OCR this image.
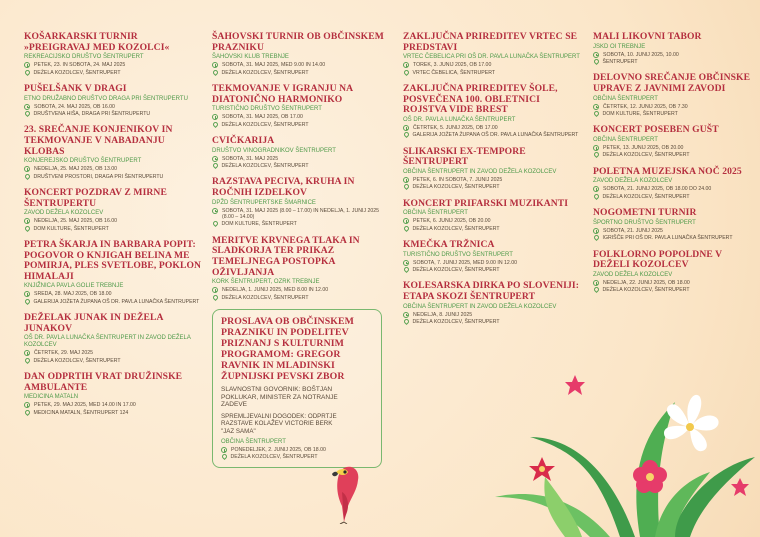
KOŠARKARSKI TURNIR »PREIGRAVAJ MED KOZOLCI«
REKREACIJSKO DRUŠTVO ŠENTRUPERT
PETEK, 23. IN SOBOTA, 24. MAJ 2025
DEŽELA KOZOLCEV, ŠENTRUPERT
PUŠELŠANK V DRAGI
ETNO DRUŽABNO DRUŠTVO DRAGA PRI ŠENTRUPERTU
SOBOTA, 24. MAJ 2025, OB 16.00
DRUŠTVENA HIŠA, DRAGA PRI ŠENTRUPERTU
23. SREČANJE KONJENIKOV IN TEKMOVANJE V NABADANJU KLOBAS
KONJEREJSKO DRUŠTVO ŠENTRUPERT
NEDELJA, 25. MAJ 2025, OB 13.00
DRUŠTVENI PROSTORI, DRAGA PRI ŠENTRUPERTU
KONCERT POZDRAV Z MIRNE ŠENTRUPERTU
ZAVOD DEŽELA KOZOLCEV
NEDELJA, 25. MAJ 2025, OB 16.00
DOM KULTURE, ŠENTRUPERT
PETRA ŠKARJA IN BARBARA POPIT: POGOVOR O KNJIGAH BELINA ME POMIRJA, PLES SVETLOBE, POKLON HIMALAJI
KNJIŽNICA PAVLA GOLIE TREBNJE
SREDA, 28. MAJ 2025, OB 18.00
GALERIJA JOŽETA ŽUPANA OŠ DR. PAVLA LUNAČKA ŠENTRUPERT
DEŽELAK JUNAK IN DEŽELA JUNAKOV
OŠ DR. PAVLA LUNAČKA ŠENTRUPERT IN ZAVOD DEŽELA KOZOLCEV
ČETRTEK, 29. MAJ 2025
DEŽELA KOZOLCEV, ŠENTRUPERT
DAN ODPRTIH VRAT DRUŽINSKE AMBULANTE
MEDICINA MATALN
PETEK, 29. MAJ 2025, MED 14.00 IN 17.00
MEDICINA MATALN, ŠENTRUPERT 124
ŠAHOVSKI TURNIR OB OBČINSKEM PRAZNIKU
ŠAHOVSKI KLUB TREBNJE
SOBOTA, 31. MAJ 2025, MED 9.00 IN 14.00
DEŽELA KOZOLCEV, ŠENTRUPERT
TEKMOVANJE V IGRANJU NA DIATONIČNO HARMONIKO
TURISTIČNO DRUŠTVO ŠENTRUPERT
SOBOTA, 31. MAJ 2025, OB 17.00
DEŽELA KOZOLCEV, ŠENTRUPERT
CVIČKARIJA
DRUŠTVO VINOGRADNIKOV ŠENTRUPERT
SOBOTA, 31. MAJ 2025
DEŽELA KOZOLCEV, ŠENTRUPERT
RAZSTAVA PECIVA, KRUHA IN ROČNIH IZDELKOV
DPŽD ŠENTRUPERTSKE ŠMARNICE
SOBOTA, 31. MAJ 2025 (8.00 – 17.00) IN NEDELJA, 1. JUNIJ 2025 (8.00 – 14.00)
DOM KULTURE, ŠENTRUPERT
MERITVE KRVNEGA TLAKA IN SLADKORJA TER PRIKAZ TEMELJNEGA POSTOPKA OŽIVLJANJA
KORK ŠENTRUPERT, OZRK TREBNJE
NEDELJA, 1. JUNIJ 2025, MED 8.00 IN 12.00
DEŽELA KOZOLCEV, ŠENTRUPERT
PROSLAVA OB OBČINSKEM PRAZNIKU IN PODELITEV PRIZNANJ S KULTURNIM PROGRAMOM: GREGOR RAVNIK IN MLADINSKI ŽUPNIJSKI PEVSKI ZBOR
SLAVNOSTNI GOVORNIK: BOŠTJAN POKLUKAR, MINISTER ZA NOTRANJE ZADEVE
SPREMLJEVALNI DOGODEK: ODPRTJE RAZSTAVE KOLAŽEV VICTORIE BERK "JAZ SAMA"
OBČINA ŠENTRUPERT
PONEDELJEK, 2. JUNIJ 2025, OB 18.00
DEŽELA KOZOLCEV, ŠENTRUPERT
ZAKLJUČNA PRIREDITEV VRTEC SE PREDSTAVI
VRTEC ČEBELICA PRI OŠ DR. PAVLA LUNAČKA ŠENTRUPERT
TOREK, 3. JUNIJ 2025, OB 17.00
VRTEC ČEBELICA, ŠENTRUPERT
ZAKLJUČNA PRIREDITEV ŠOLE, POSVEČENA 100. OBLETNICI ROJSTVA VIDE BREST
OŠ DR. PAVLA LUNAČKA ŠENTRUPERT
ČETRTEK, 5. JUNIJ 2025, OB 17.00
GALERIJA JOŽETA ŽUPANA OŠ DR. PAVLA LUNAČKA ŠENTRUPERT
SLIKARSKI EX-TEMPORE ŠENTRUPERT
OBČINA ŠENTRUPERT IN ZAVOD DEŽELA KOZOLCEV
PETEK, 6. IN SOBOTA, 7. JUNIJ 2025
DEŽELA KOZOLCEV, ŠENTRUPERT
KONCERT PRIFARSKI MUZIKANTI
OBČINA ŠENTRUPERT
PETEK, 6. JUNIJ 2025, OB 20.00
DEŽELA KOZOLCEV, ŠENTRUPERT
KMEČKA TRŽNICA
TURISTIČNO DRUŠTVO ŠENTRUPERT
SOBOTA, 7. JUNIJ 2025, MED 9.00 IN 12.00
DEŽELA KOZOLCEV, ŠENTRUPERT
KOLESARSKA DIRKA PO SLOVENIJI: ETAPA SKOZI ŠENTRUPERT
OBČINA ŠENTRUPERT IN ZAVOD DEŽELA KOZOLCEV
NEDELJA, 8. JUNIJ 2025
DEŽELA KOZOLCEV, ŠENTRUPERT
MALI LIKOVNI TABOR
JSKD OI TREBNJE
SOBOTA, 10. JUNIJ 2025, 10.00
ŠENTRUPERT
DELOVNO SREČANJE OBČINSKE UPRAVE Z JAVNIMI ZAVODI
OBČINA ŠENTRUPERT
ČETRTEK, 12. JUNIJ 2025, OB 7.30
DOM KULTURE, ŠENTRUPERT
KONCERT POSEBEN GUŠT
OBČINA ŠENTRUPERT
PETEK, 13. JUNIJ 2025, OB 20.00
DEŽELA KOZOLCEV, ŠENTRUPERT
POLETNA MUZEJSKA NOČ 2025
ZAVOD DEŽELA KOZOLCEV
SOBOTA, 21. JUNIJ 2025, OB 18.00 DO 24.00
DEŽELA KOZOLCEV, ŠENTRUPERT
NOGOMETNI TURNIR
ŠPORTNO DRUŠTVO ŠENTRUPERT
SOBOTA, 21. JUNIJ 2025
IGRIŠČE PRI OŠ DR. PAVLA LUNAČKA ŠENTRUPERT
FOLKLORNO POPOLDNE V DEŽELI KOZOLCEV
ZAVOD DEŽELA KOZOLCEV
NEDELJA, 22. JUNIJ 2025, OB 18.00
DEŽELA KOZOLCEV, ŠENTRUPERT
